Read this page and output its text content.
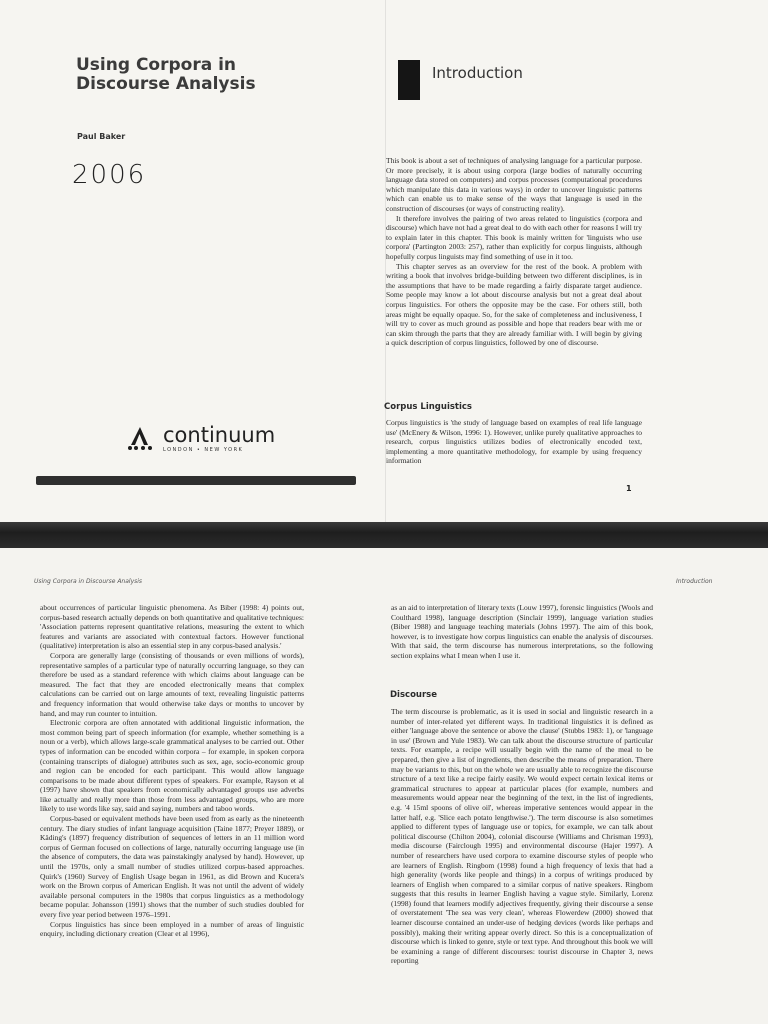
Using Corpora in
Discourse Analysis
Paul Baker
2006
continuum
LONDON • NEW YORK
Introduction

This book is about a set of techniques of analysing language for a particular purpose. Or more precisely, it is about using corpora (large bodies of naturally occurring language data stored on computers) and corpus processes (computational procedures which manipulate this data in various ways) in order to uncover linguistic patterns which can enable us to make sense of the ways that language is used in the construction of discourses (or ways of constructing reality).

It therefore involves the pairing of two areas related to linguistics (corpora and discourse) which have not had a great deal to do with each other for reasons I will try to explain later in this chapter. This book is mainly written for 'linguists who use corpora' (Partington 2003: 257), rather than explicitly for corpus linguists, although hopefully corpus linguists may find something of use in it too.

This chapter serves as an overview for the rest of the book. A problem with writing a book that involves bridge-building between two different disciplines, is in the assumptions that have to be made regarding a fairly disparate target audience. Some people may know a lot about discourse analysis but not a great deal about corpus linguistics. For others the opposite may be the case. For others still, both areas might be equally opaque. So, for the sake of completeness and inclusiveness, I will try to cover as much ground as possible and hope that readers bear with me or can skim through the parts that they are already familiar with. I will begin by giving a quick description of corpus linguistics, followed by one of discourse.

Corpus Linguistics

Corpus linguistics is 'the study of language based on examples of real life language use' (McEnery & Wilson, 1996: 1). However, unlike purely qualitative approaches to research, corpus linguistics utilizes bodies of electronically encoded text, implementing a more quantitative methodology, for example by using frequency information

1
Using Corpora in Discourse Analysis	Introduction

about occurrences of particular linguistic phenomena. As Biber (1998: 4) points out, corpus-based research actually depends on both quantitative and qualitative techniques: 'Association patterns represent quantitative relations, measuring the extent to which features and variants are associated with contextual factors. However functional (qualitative) interpretation is also an essential step in any corpus-based analysis.'

Corpora are generally large (consisting of thousands or even millions of words), representative samples of a particular type of naturally occurring language, so they can therefore be used as a standard reference with which claims about language can be measured. The fact that they are encoded electronically means that complex calculations can be carried out on large amounts of text, revealing linguistic patterns and frequency information that would otherwise take days or months to uncover by hand, and may run counter to intuition.

Electronic corpora are often annotated with additional linguistic information, the most common being part of speech information (for example, whether something is a noun or a verb), which allows large-scale grammatical analyses to be carried out. Other types of information can be encoded within corpora – for example, in spoken corpora (containing transcripts of dialogue) attributes such as sex, age, socio-economic group and region can be encoded for each participant. This would allow language comparisons to be made about different types of speakers. For example, Rayson et al (1997) have shown that speakers from economically advantaged groups use adverbs like actually and really more than those from less advantaged groups, who are more likely to use words like say, said and saying, numbers and taboo words.

Corpus-based or equivalent methods have been used from as early as the nineteenth century. The diary studies of infant language acquisition (Taine 1877; Preyer 1889), or Käding's (1897) frequency distribution of sequences of letters in an 11 million word corpus of German focused on collections of large, naturally occurring language use (in the absence of computers, the data was painstakingly analysed by hand). However, up until the 1970s, only a small number of studies utilized corpus-based approaches. Quirk's (1960) Survey of English Usage began in 1961, as did Brown and Kucera's work on the Brown corpus of American English. It was not until the advent of widely available personal computers in the 1980s that corpus linguistics as a methodology became popular. Johansson (1991) shows that the number of such studies doubled for every five year period between 1976–1991.

Corpus linguistics has since been employed in a number of areas of linguistic enquiry, including dictionary creation (Clear et al 1996),

as an aid to interpretation of literary texts (Louw 1997), forensic linguistics (Wools and Coulthard 1998), language description (Sinclair 1999), language variation studies (Biber 1988) and language teaching materials (Johns 1997). The aim of this book, however, is to investigate how corpus linguistics can enable the analysis of discourses. With that said, the term discourse has numerous interpretations, so the following section explains what I mean when I use it.

Discourse

The term discourse is problematic, as it is used in social and linguistic research in a number of inter-related yet different ways. In traditional linguistics it is defined as either 'language above the sentence or above the clause' (Stubbs 1983: 1), or 'language in use' (Brown and Yule 1983). We can talk about the discourse structure of particular texts. For example, a recipe will usually begin with the name of the meal to be prepared, then give a list of ingredients, then describe the means of preparation. There may be variants to this, but on the whole we are usually able to recognize the discourse structure of a text like a recipe fairly easily. We would expect certain lexical items or grammatical structures to appear at particular places (for example, numbers and measurements would appear near the beginning of the text, in the list of ingredients, e.g. '4 15ml spoons of olive oil', whereas imperative sentences would appear in the latter half, e.g. 'Slice each potato lengthwise.'). The term discourse is also sometimes applied to different types of language use or topics, for example, we can talk about political discourse (Chilton 2004), colonial discourse (Williams and Chrisman 1993), media discourse (Fairclough 1995) and environmental discourse (Hajer 1997). A number of researchers have used corpora to examine discourse styles of people who are learners of English. Ringbom (1998) found a high frequency of lexis that had a high generality (words like people and things) in a corpus of writings produced by learners of English when compared to a similar corpus of native speakers. Ringbom suggests that this results in learner English having a vague style. Similarly, Lorenz (1998) found that learners modify adjectives frequently, giving their discourse a sense of overstatement 'The sea was very clean', whereas Flowerdew (2000) showed that learner discourse contained an under-use of hedging devices (words like perhaps and possibly), making their writing appear overly direct. So this is a conceptualization of discourse which is linked to genre, style or text type. And throughout this book we will be examining a range of different discourses: tourist discourse in Chapter 3, news reporting
